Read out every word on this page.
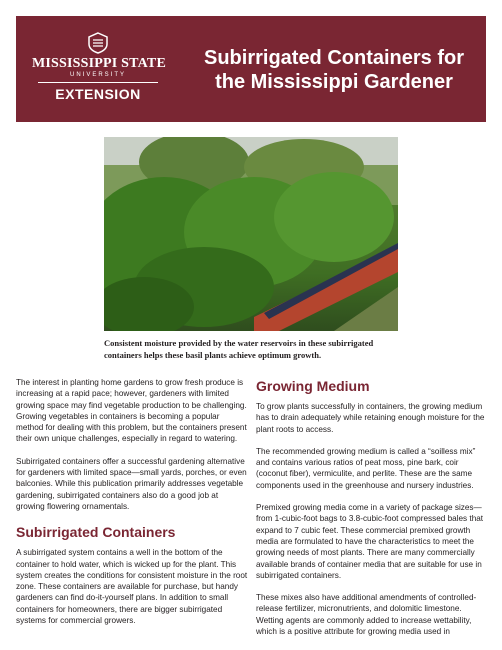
MISSISSIPPI STATE
UNIVERSITY
EXTENSION
Subirrigated Containers for
the Mississippi Gardener
Consistent moisture provided by the water reservoirs in these subirrigated
containers helps these basil plants achieve optimum growth.

The interest in planting home gardens to grow fresh produce is increasing at a rapid pace; however, gardeners with limited growing space may find vegetable production to be challenging. Growing vegetables in containers is becoming a popular method for dealing with this problem, but the containers present their own unique challenges, especially in regard to watering.

Subirrigated containers offer a successful gardening alternative for gardeners with limited space—small yards, porches, or even balconies. While this publication primarily addresses vegetable gardening, subirrigated containers also do a good job at growing flowering ornamentals.

Subirrigated Containers

A subirrigated system contains a well in the bottom of the container to hold water, which is wicked up for the plant. This system creates the conditions for consistent moisture in the root zone. These containers are available for purchase, but handy gardeners can find do-it-yourself plans. In addition to small containers for homeowners, there are bigger subirrigated systems for commercial growers.

Growing Medium

To grow plants successfully in containers, the growing medium has to drain adequately while retaining enough moisture for the plant roots to access.

The recommended growing medium is called a “soilless mix” and contains various ratios of peat moss, pine bark, coir (coconut fiber), vermiculite, and perlite. These are the same components used in the greenhouse and nursery industries.

Premixed growing media come in a variety of package sizes—from 1-cubic-foot bags to 3.8-cubic-foot compressed bales that expand to 7 cubic feet. These commercial premixed growth media are formulated to have the characteristics to meet the growing needs of most plants. There are many commercially available brands of container media that are suitable for use in subirrigated containers.

These mixes also have additional amendments of controlled-release fertilizer, micronutrients, and dolomitic limestone. Wetting agents are commonly added to increase wettability, which is a positive attribute for growing media used in
